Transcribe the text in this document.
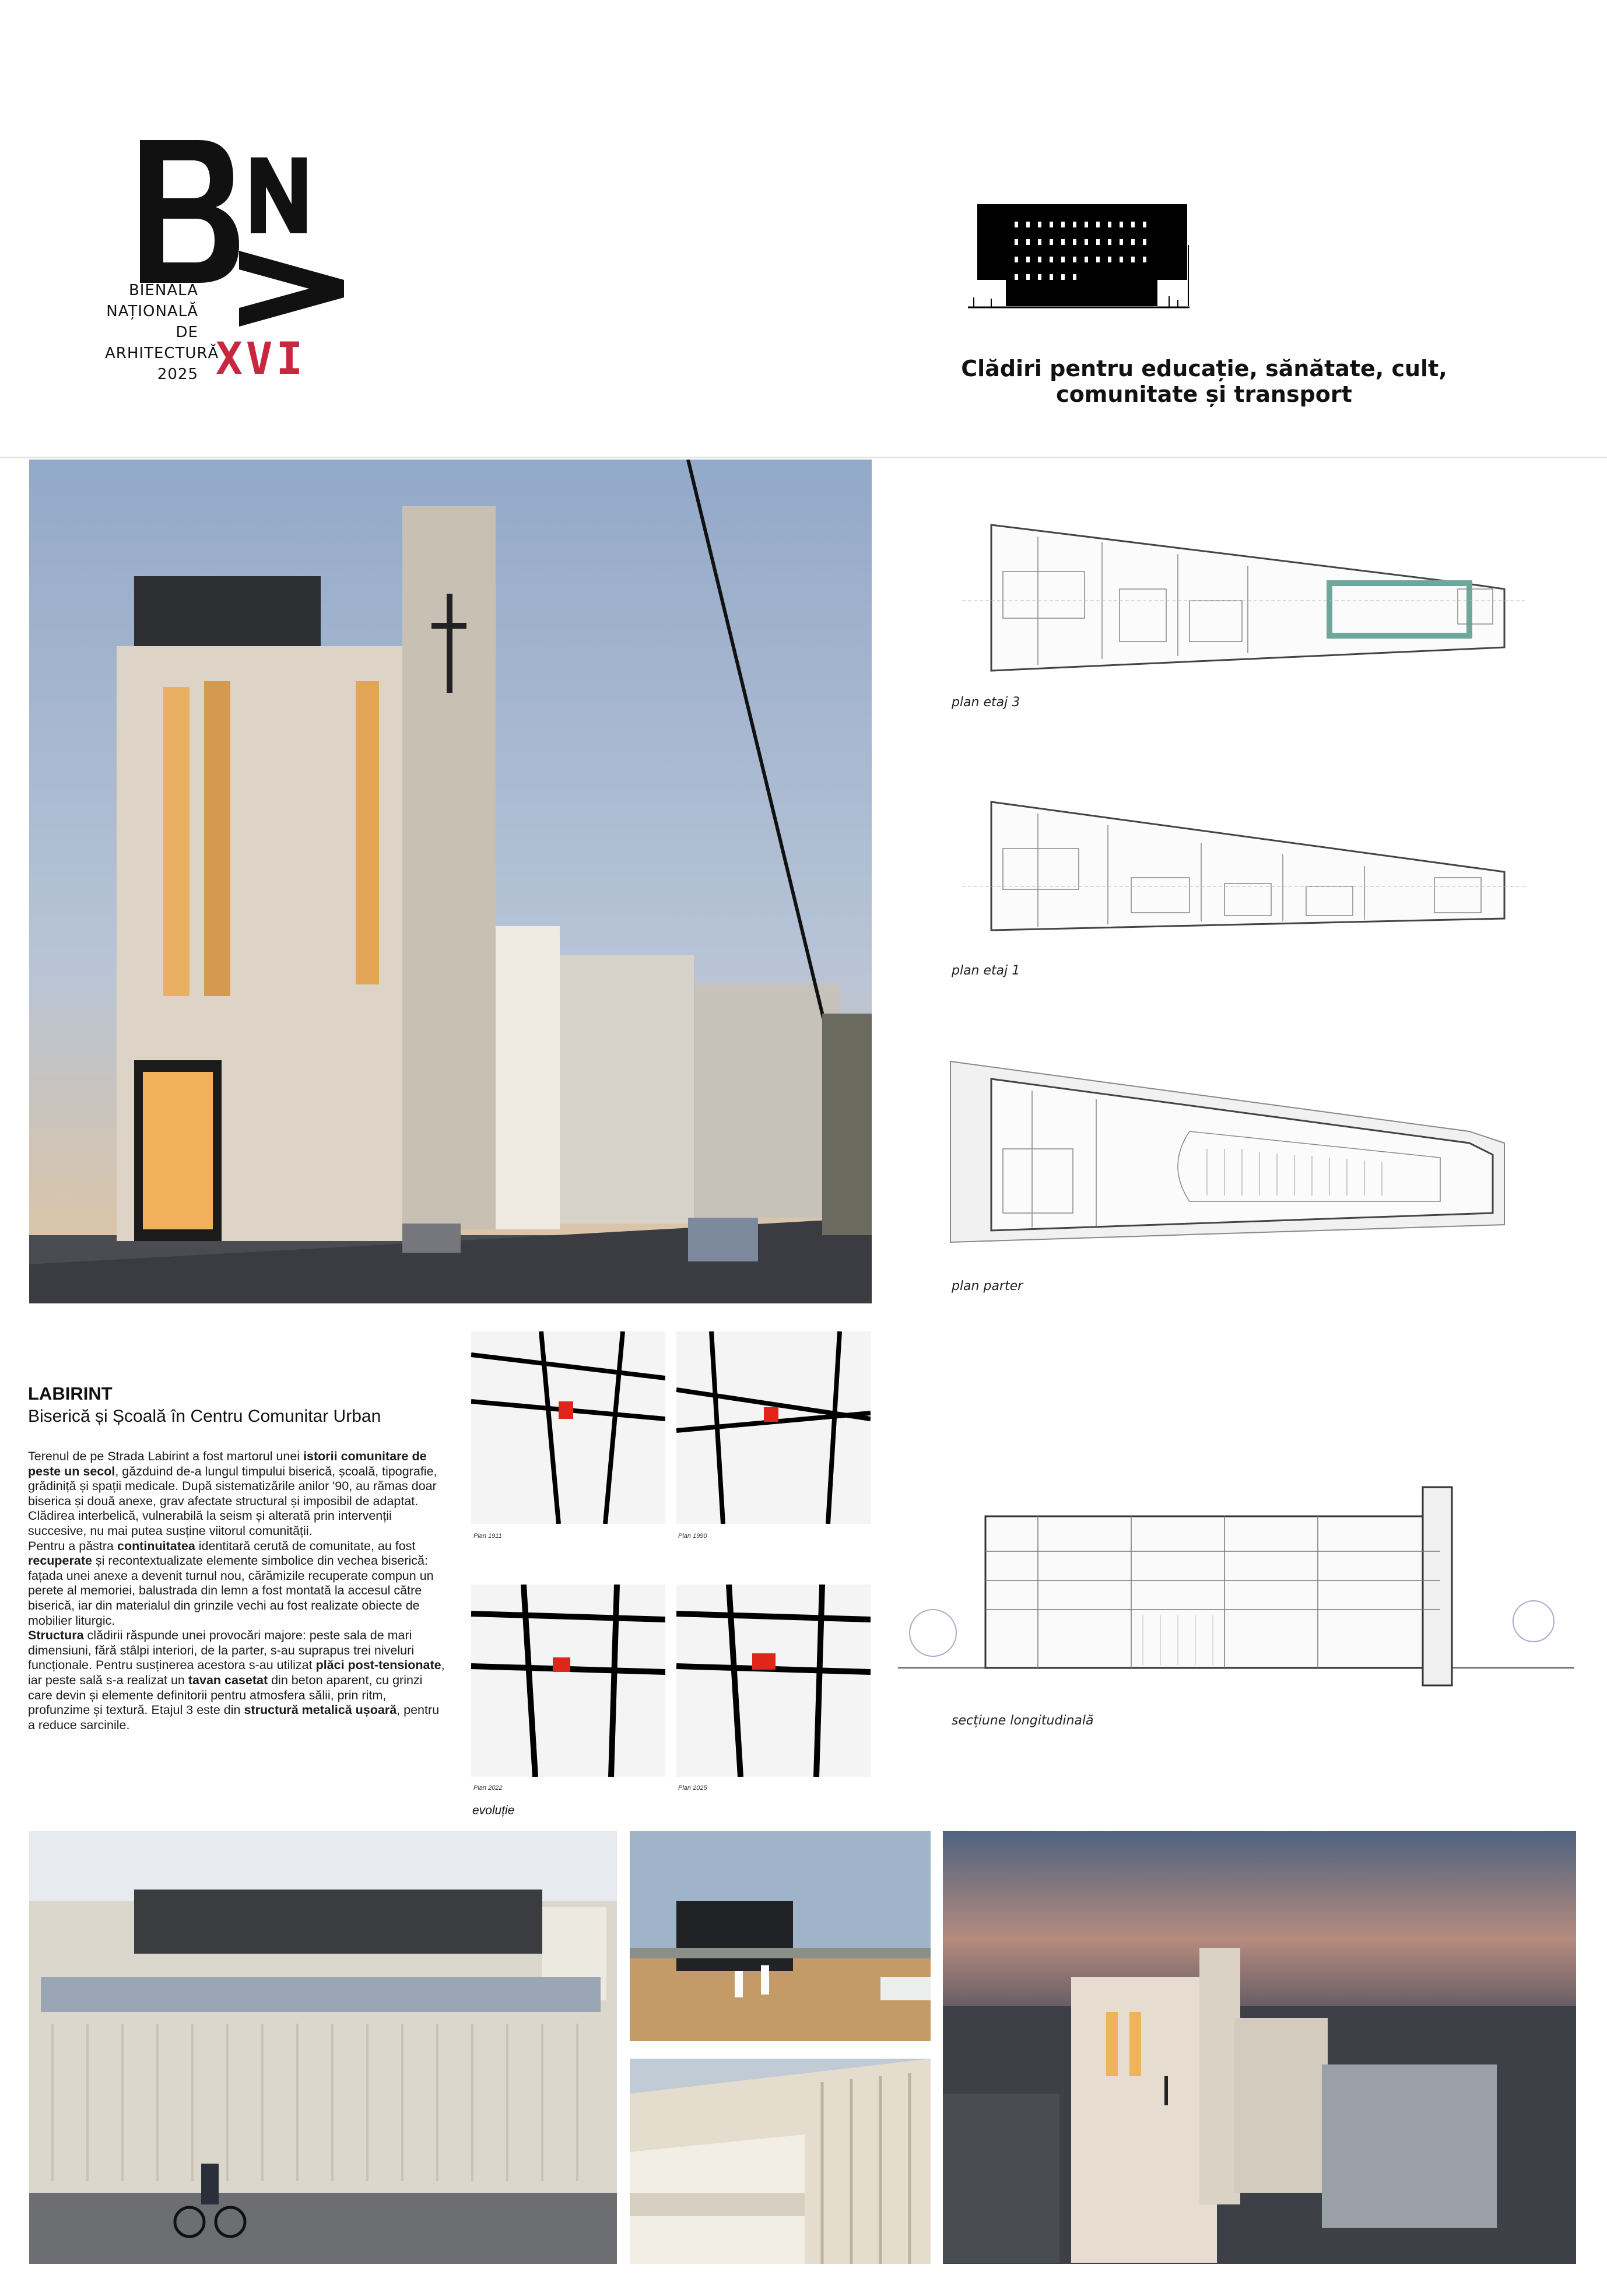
BIENALA
NAȚIONALĂ
DE
ARHITECTURĂ
2025 XVI	Clădiri pentru educație, sănătate, cult, comunitate și transport
plan etaj 3
plan etaj 1
plan parter
secțiune longitudinală
LABIRINT
Biserică și Școală în Centru Comunitar Urban

Terenul de pe Strada Labirint a fost martorul unei istorii comunitare de peste un secol, găzduind de-a lungul timpului biserică, școală, tipografie, grădiniță și spații medicale. După sistematizările anilor '90, au rămas doar biserica și două anexe, grav afectate structural și imposibil de adaptat. Clădirea interbelică, vulnerabilă la seism și alterată prin intervenții succesive, nu mai putea susține viitorul comunității.

Pentru a păstra continuitatea identitară cerută de comunitate, au fost recuperate și recontextualizate elemente simbolice din vechea biserică: fațada unei anexe a devenit turnul nou, cărămizile recuperate compun un perete al memoriei, balustrada din lemn a fost montată la accesul către biserică, iar din materialul din grinzile vechi au fost realizate obiecte de mobilier liturgic.

Structura clădirii răspunde unei provocări majore: peste sala de mari dimensiuni, fără stâlpi interiori, de la parter, s-au suprapus trei niveluri funcționale. Pentru susținerea acestora s-au utilizat plăci post-tensionate, iar peste sală s-a realizat un tavan casetat din beton aparent, cu grinzi care devin și elemente definitorii pentru atmosfera sălii, prin ritm, profunzime și textură. Etajul 3 este din structură metalică ușoară, pentru a reduce sarcinile.

Plan 1911	Plan 1990
Plan 2022	Plan 2025
evoluție
